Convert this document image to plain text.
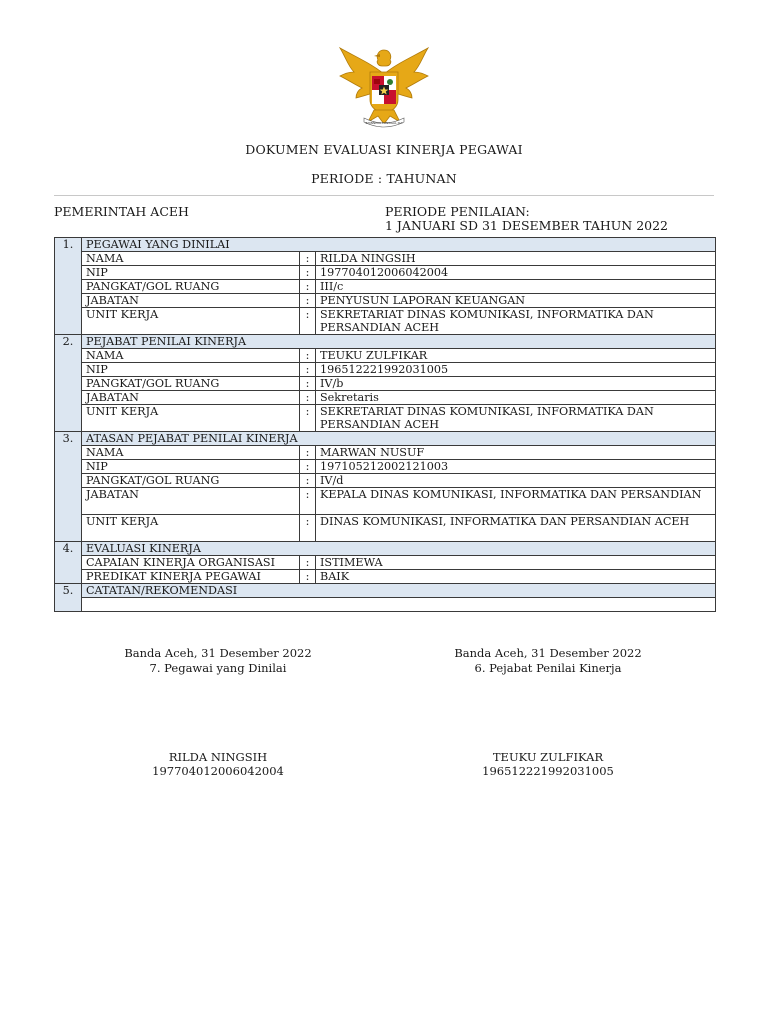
BHINNEKA TUNGGAL IKA
DOKUMEN EVALUASI KINERJA PEGAWAI
PERIODE : TAHUNAN
PEMERINTAH ACEH	PERIODE PENILAIAN:
1 JANUARI SD 31 DESEMBER TAHUN 2022
1.	PEGAWAI YANG DINILAI		
	NAMA	:	RILDA NINGSIH
	NIP	:	197704012006042004
	PANGKAT/GOL RUANG	:	III/c
	JABATAN	:	PENYUSUN LAPORAN KEUANGAN
	UNIT KERJA	:	SEKRETARIAT DINAS KOMUNIKASI, INFORMATIKA DAN PERSANDIAN ACEH
2.	PEJABAT PENILAI KINERJA		
	NAMA	:	TEUKU ZULFIKAR
	NIP	:	196512221992031005
	PANGKAT/GOL RUANG	:	IV/b
	JABATAN	:	Sekretaris
	UNIT KERJA	:	SEKRETARIAT DINAS KOMUNIKASI, INFORMATIKA DAN PERSANDIAN ACEH
3.	ATASAN PEJABAT PENILAI KINERJA		
	NAMA	:	MARWAN NUSUF
	NIP	:	197105212002121003
	PANGKAT/GOL RUANG	:	IV/d
	JABATAN	:	KEPALA DINAS KOMUNIKASI, INFORMATIKA DAN PERSANDIAN
	UNIT KERJA	:	DINAS KOMUNIKASI, INFORMATIKA DAN PERSANDIAN ACEH
4.	EVALUASI KINERJA		
	CAPAIAN KINERJA ORGANISASI	:	ISTIMEWA
	PREDIKAT KINERJA PEGAWAI	:	BAIK
5.	CATATAN/REKOMENDASI		

Banda Aceh, 31 Desember 2022
7. Pegawai yang Dinilai
RILDA NINGSIH
197704012006042004
Banda Aceh, 31 Desember 2022
6. Pejabat Penilai Kinerja
TEUKU ZULFIKAR
196512221992031005
